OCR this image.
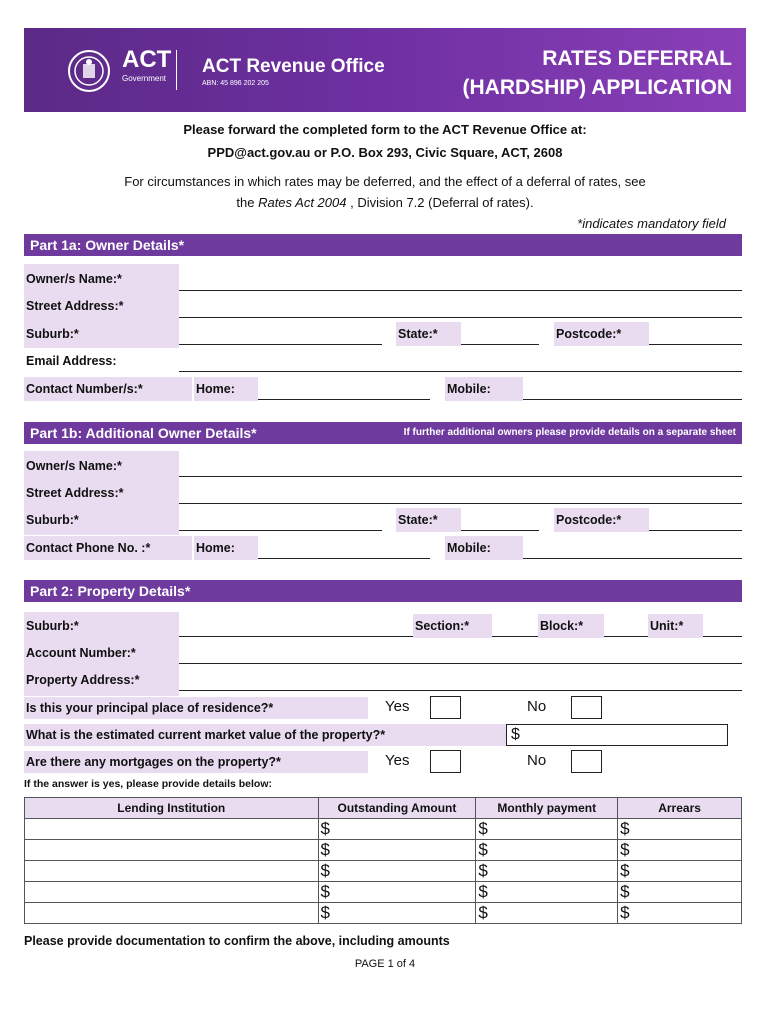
ACT
Government
ACT Revenue Office
ABN: 45 896 202 205
RATES DEFERRAL
(HARDSHIP) APPLICATION
Please forward the completed form to the ACT Revenue Office at:
PPD@act.gov.au or P.O. Box 293, Civic Square, ACT, 2608
For circumstances in which rates may be deferred, and the effect of a deferral of rates, see
the Rates Act 2004 , Division 7.2 (Deferral of rates).
*indicates mandatory field
Part 1a: Owner Details*
Owner/s Name:*
Street Address:*
Suburb:*	State:*	Postcode:*
Email Address:
Contact Number/s:*	Home:	Mobile:
Part 1b: Additional Owner Details*	If further additional owners please provide details on a separate sheet
Owner/s Name:*
Street Address:*
Suburb:*	State:*	Postcode:*
Contact Phone No. :*	Home:	Mobile:
Part 2: Property Details*
Suburb:*	Section:*	Block:*	Unit:*
Account Number:*
Property Address:*
Is this your principal place of residence?*	Yes	No
What is the estimated current market value of the property?*	$
Are there any mortgages on the property?*	Yes	No
If the answer is yes, please provide details below:
Lending Institution	Outstanding Amount	Monthly payment	Arrears
	$	$	$
	$	$	$
	$	$	$
	$	$	$
	$	$	$
Please provide documentation to confirm the above, including amounts
PAGE 1 of 4
